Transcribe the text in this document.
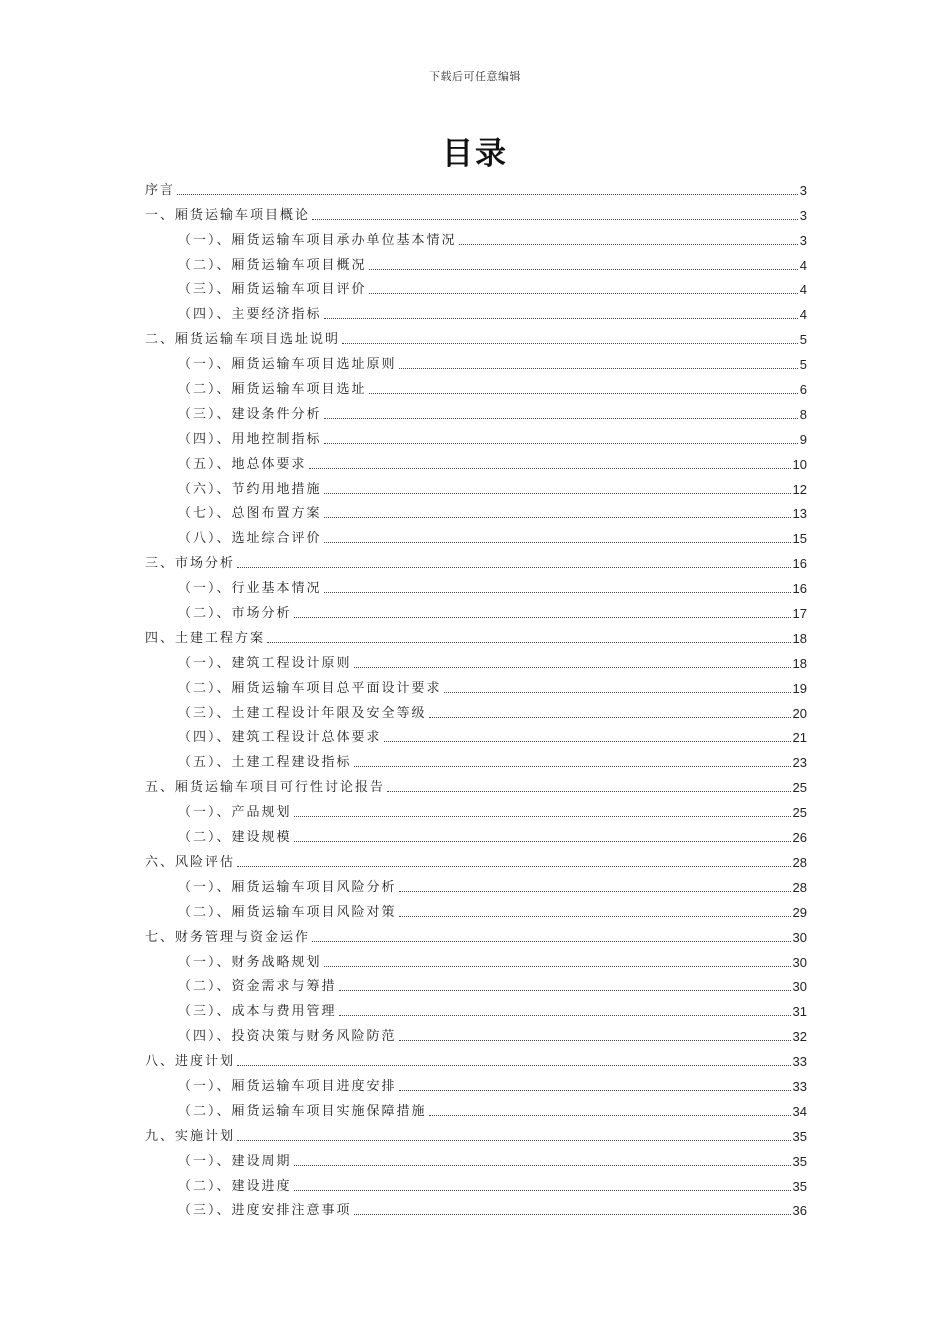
下载后可任意编辑
目录
序言	3
一、厢货运输车项目概论	3
（一）、厢货运输车项目承办单位基本情况	3
（二）、厢货运输车项目概况	4
（三）、厢货运输车项目评价	4
（四）、主要经济指标	4
二、厢货运输车项目选址说明	5
（一）、厢货运输车项目选址原则	5
（二）、厢货运输车项目选址	6
（三）、建设条件分析	8
（四）、用地控制指标	9
（五）、地总体要求	10
（六）、节约用地措施	12
（七）、总图布置方案	13
（八）、选址综合评价	15
三、市场分析	16
（一）、行业基本情况	16
（二）、市场分析	17
四、土建工程方案	18
（一）、建筑工程设计原则	18
（二）、厢货运输车项目总平面设计要求	19
（三）、土建工程设计年限及安全等级	20
（四）、建筑工程设计总体要求	21
（五）、土建工程建设指标	23
五、厢货运输车项目可行性讨论报告	25
（一）、产品规划	25
（二）、建设规模	26
六、风险评估	28
（一）、厢货运输车项目风险分析	28
（二）、厢货运输车项目风险对策	29
七、财务管理与资金运作	30
（一）、财务战略规划	30
（二）、资金需求与筹措	30
（三）、成本与费用管理	31
（四）、投资决策与财务风险防范	32
八、进度计划	33
（一）、厢货运输车项目进度安排	33
（二）、厢货运输车项目实施保障措施	34
九、实施计划	35
（一）、建设周期	35
（二）、建设进度	35
（三）、进度安排注意事项	36
